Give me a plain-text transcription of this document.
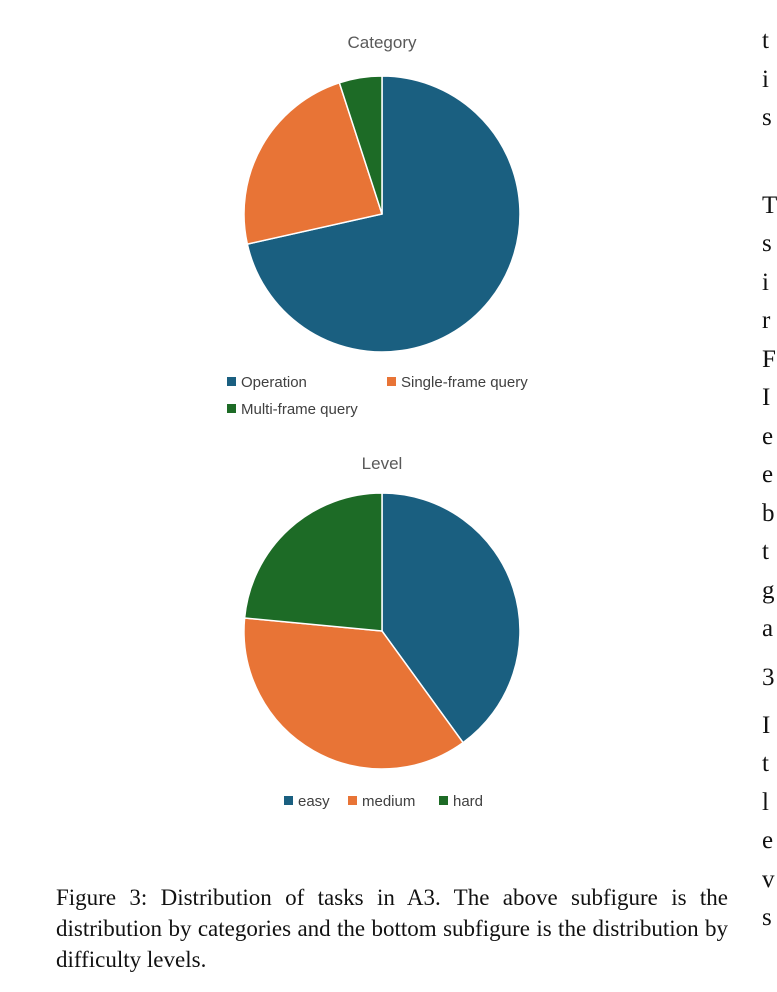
Category
Operation	Single-frame query
Multi-frame query
Level
easy medium	hard

Figure 3: Distribution of tasks in A3. The above subfigure is the distribution by categories and the bottom subfigure is the distribution by difficulty levels.

t
i
s
T
s
i
r
F
I
e
e
b
t
g
a
3
I
t
l
e
v
s
